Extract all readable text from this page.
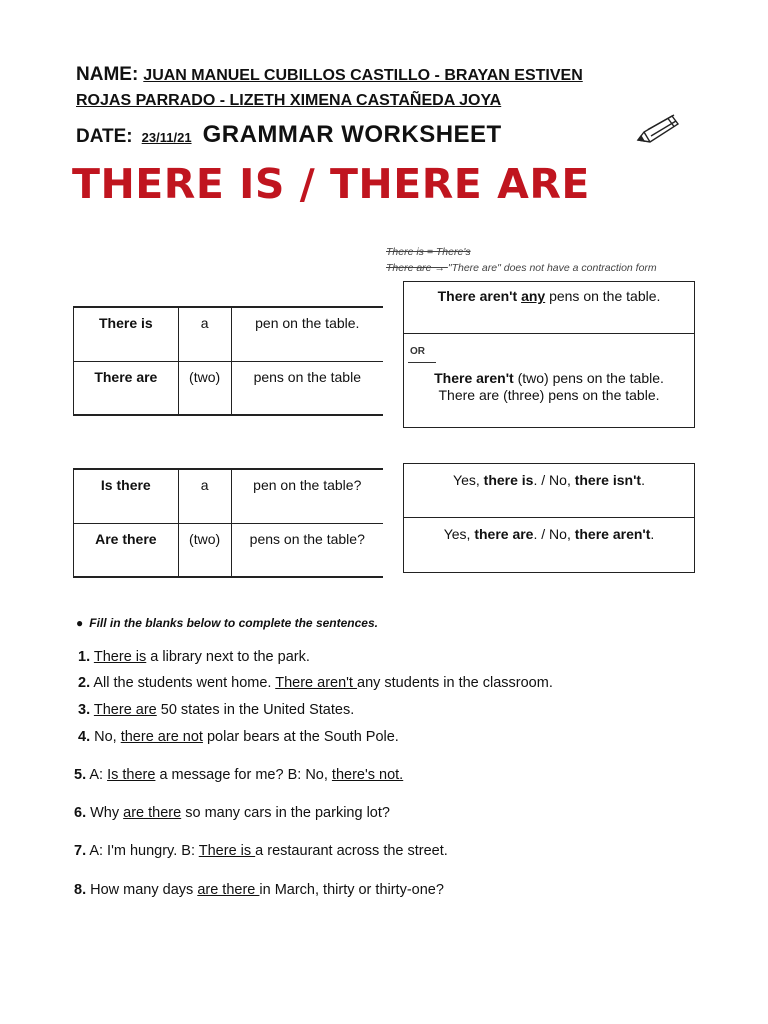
NAME: JUAN MANUEL CUBILLOS CASTILLO - BRAYAN ESTIVEN
ROJAS PARRADO - LIZETH XIMENA CASTAÑEDA JOYA
DATE: 23/11/21 GRAMMAR WORKSHEET
THERE IS / THERE ARE
There is = There's
There are → "There are" does not have a contraction form
There is	a	pen on the table.

There are	(two)	pens on the table
Is there	a	pen on the table?

Are there	(two)	pens on the table?
There aren't any pens on the table.
OR
There aren't (two) pens on the table. There are (three) pens on the table.
Yes, there is. / No, there isn't.
Yes, there are. / No, there aren't.
● Fill in the blanks below to complete the sentences.
1. There is a library next to the park.
2. All the students went home. There aren't any students in the classroom.
3. There are 50 states in the United States.
4. No, there are not polar bears at the South Pole.
5. A: Is there a message for me? B: No, there's not.
6. Why are there so many cars in the parking lot?
7. A: I'm hungry. B: There is a restaurant across the street.
8. How many days are there in March, thirty or thirty-one?
